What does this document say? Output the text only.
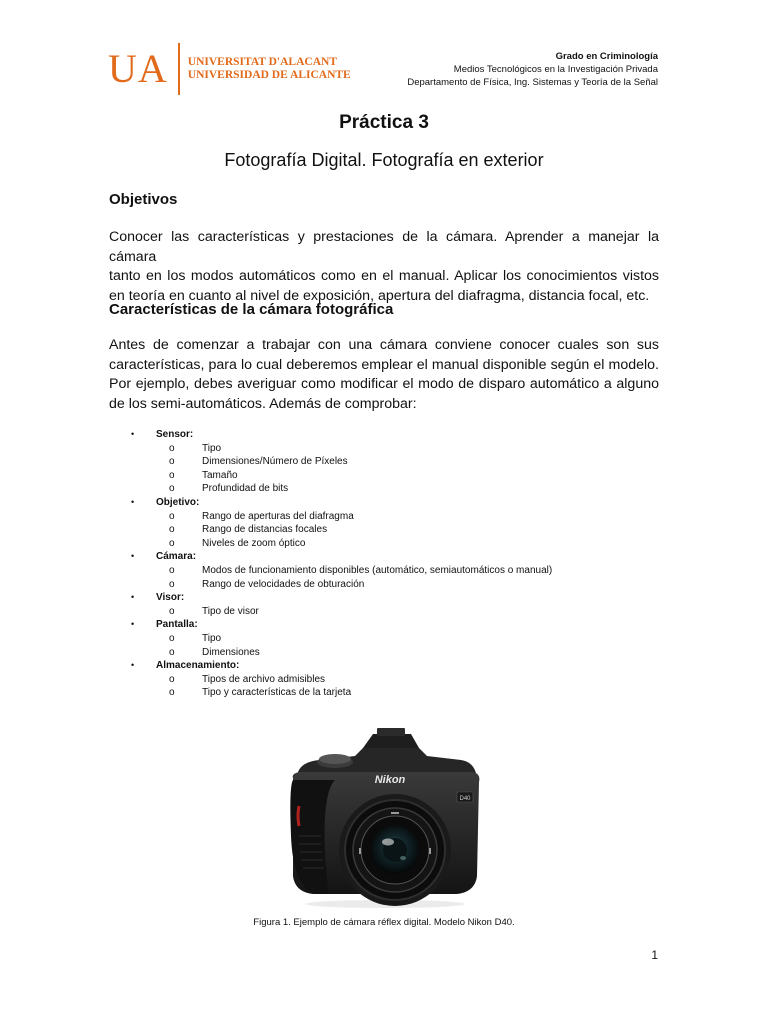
UA UNIVERSITAT D'ALACANT
UNIVERSIDAD DE ALICANTE
Grado en Criminología
Medios Tecnológicos en la Investigación Privada
Departamento de Física, Ing. Sistemas y Teoría de la Señal
Práctica 3
Fotografía Digital. Fotografía en exterior
Objetivos
Conocer las características y prestaciones de la cámara. Aprender a manejar la cámara
tanto en los modos automáticos como en el manual. Aplicar los conocimientos vistos
en teoría en cuanto al nivel de exposición, apertura del diafragma, distancia focal, etc.
Características de la cámara fotográfica
Antes de comenzar a trabajar con una cámara conviene conocer cuales son sus
características, para lo cual deberemos emplear el manual disponible según el modelo.
Por ejemplo, debes averiguar como modificar el modo de disparo automático a alguno
de los semi-automáticos. Además de comprobar:
• Sensor:
o	Tipo
o	Dimensiones/Número de Píxeles
o	Tamaño
o	Profundidad de bits
• Objetivo:
o	Rango de aperturas del diafragma
o	Rango de distancias focales
o	Niveles de zoom óptico
• Cámara:
o	Modos de funcionamiento disponibles (automático, semiautomáticos o manual)
o	Rango de velocidades de obturación
• Visor:
o	Tipo de visor
• Pantalla:
o	Tipo
o	Dimensiones
• Almacenamiento:
o	Tipos de archivo admisibles
o	Tipo y características de la tarjeta
D40
Nikon
Figura 1. Ejemplo de cámara réflex digital. Modelo Nikon D40.
1
